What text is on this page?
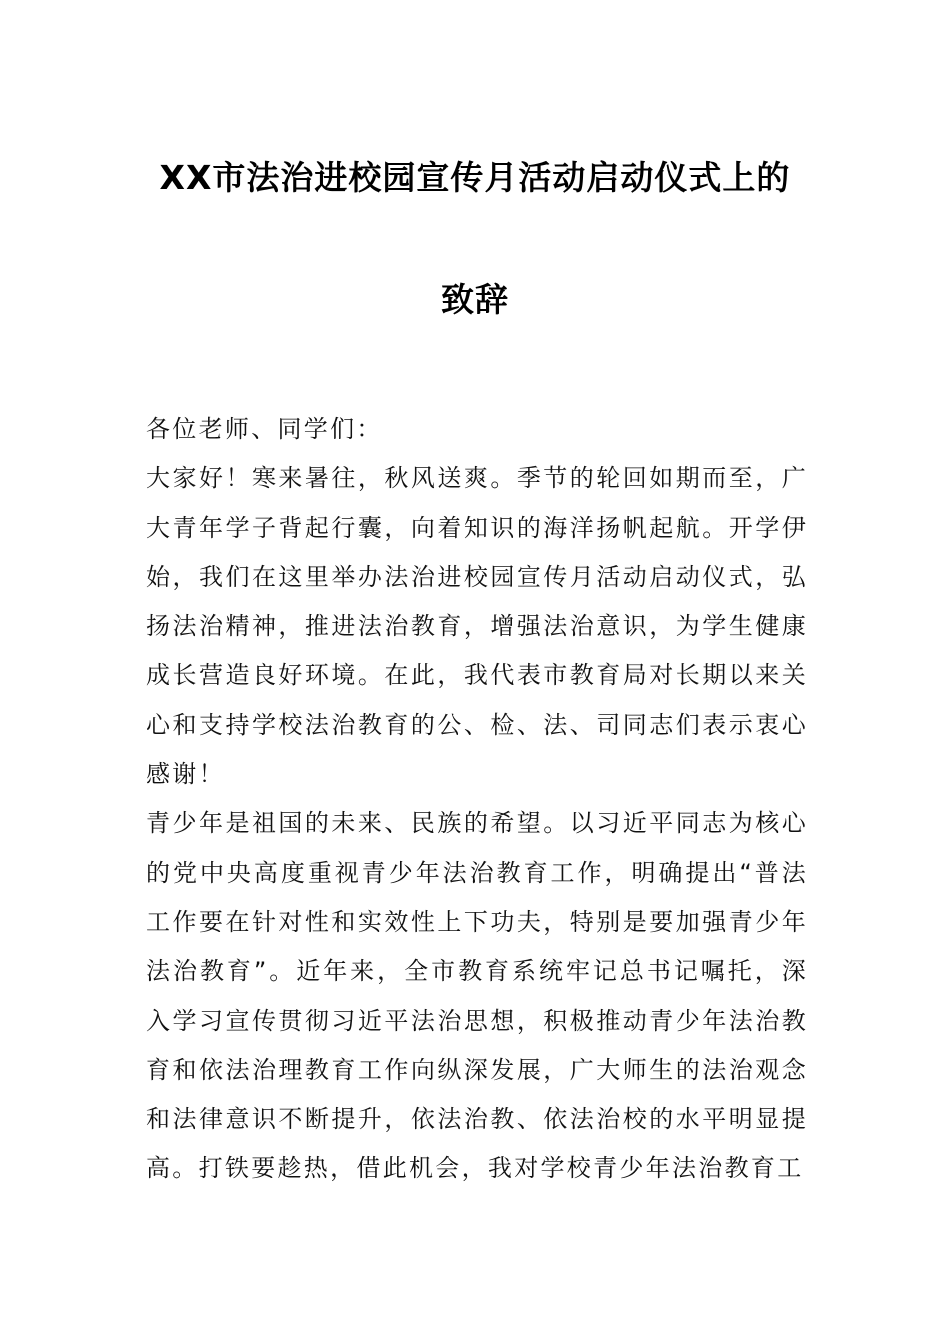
XX市法治进校园宣传月活动启动仪式上的
致辞

各位老师、同学们：

大家好！寒来暑往，秋风送爽。季节的轮回如期而至，广大青年学子背起行囊，向着知识的海洋扬帆起航。开学伊始，我们在这里举办法治进校园宣传月活动启动仪式，弘扬法治精神，推进法治教育，增强法治意识，为学生健康成长营造良好环境。在此，我代表市教育局对长期以来关心和支持学校法治教育的公、检、法、司同志们表示衷心感谢！

青少年是祖国的未来、民族的希望。以习近平同志为核心的党中央高度重视青少年法治教育工作，明确提出“普法工作要在针对性和实效性上下功夫，特别是要加强青少年法治教育”。近年来，全市教育系统牢记总书记嘱托，深入学习宣传贯彻习近平法治思想，积极推动青少年法治教育和依法治理教育工作向纵深发展，广大师生的法治观念和法律意识不断提升，依法治教、依法治校的水平明显提高。打铁要趁热，借此机会，我对学校青少年法治教育工
